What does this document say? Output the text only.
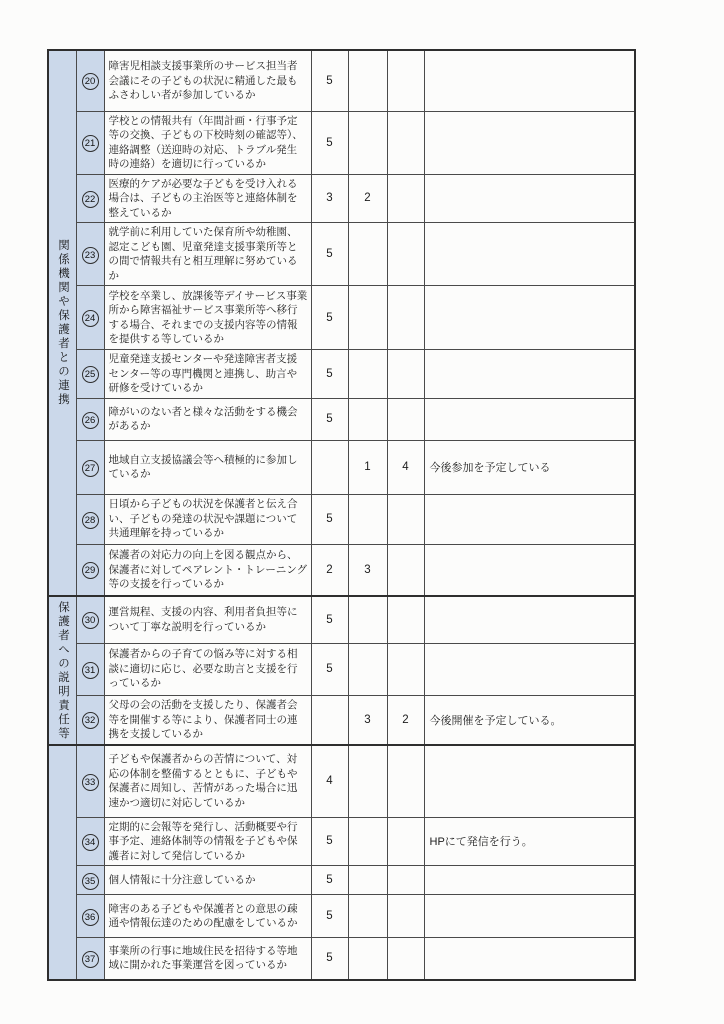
関係機関や保護者との連携	20	障害児相談支援事業所のサービス担当者会議にその子どもの状況に精通した最もふさわしい者が参加しているか	5			
	21	学校との情報共有（年間計画・行事予定等の交換、子どもの下校時刻の確認等）、連絡調整（送迎時の対応、トラブル発生時の連絡）を適切に行っているか	5			
	22	医療的ケアが必要な子どもを受け入れる場合は、子どもの主治医等と連絡体制を整えているか	3	2		
	23	就学前に利用していた保育所や幼稚園、認定こども園、児童発達支援事業所等との間で情報共有と相互理解に努めているか	5			
	24	学校を卒業し、放課後等デイサービス事業所から障害福祉サービス事業所等へ移行する場合、それまでの支援内容等の情報を提供する等しているか	5			
	25	児童発達支援センターや発達障害者支援センター等の専門機関と連携し、助言や研修を受けているか	5			
	26	障がいのない者と様々な活動をする機会があるか	5			
	27	地域自立支援協議会等へ積極的に参加しているか		1	4	今後参加を予定している
	28	日頃から子どもの状況を保護者と伝え合い、子どもの発達の状況や課題について共通理解を持っているか	5			
	29	保護者の対応力の向上を図る観点から、保護者に対してペアレント・トレーニング等の支援を行っているか	2	3		

保護者への説明責任等	30	運営規程、支援の内容、利用者負担等について丁寧な説明を行っているか	5			
	31	保護者からの子育ての悩み等に対する相談に適切に応じ、必要な助言と支援を行っているか	5			
	32	父母の会の活動を支援したり、保護者会等を開催する等により、保護者同士の連携を支援しているか		3	2	今後開催を予定している。

	33	子どもや保護者からの苦情について、対応の体制を整備するとともに、子どもや保護者に周知し、苦情があった場合に迅速かつ適切に対応しているか	4			
	34	定期的に会報等を発行し、活動概要や行事予定、連絡体制等の情報を子どもや保護者に対して発信しているか	5			HPにて発信を行う。
	35	個人情報に十分注意しているか	5			
	36	障害のある子どもや保護者との意思の疎通や情報伝達のための配慮をしているか	5			
	37	事業所の行事に地域住民を招待する等地域に開かれた事業運営を図っているか	5			
